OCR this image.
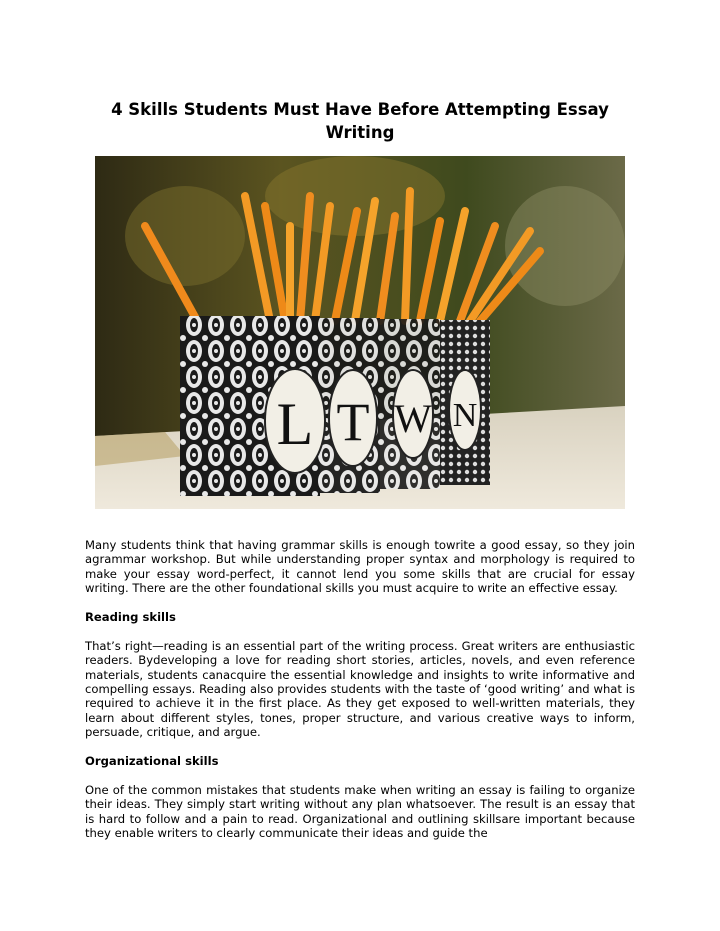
4 Skills Students Must Have Before Attempting Essay Writing
L T W N

Many students think that having grammar skills is enough towrite a good essay, so they join agrammar workshop. But while understanding proper syntax and morphology is required to make your essay word-perfect, it cannot lend you some skills that are crucial for essay writing. There are the other foundational skills you must acquire to write an effective essay.

Reading skills

That’s right—reading is an essential part of the writing process. Great writers are enthusiastic readers. Bydeveloping a love for reading short stories, articles, novels, and even reference materials, students canacquire the essential knowledge and insights to write informative and compelling essays. Reading also provides students with the taste of ‘good writing’ and what is required to achieve it in the first place. As they get exposed to well-written materials, they learn about different styles, tones, proper structure, and various creative ways to inform, persuade, critique, and argue.

Organizational skills

One of the common mistakes that students make when writing an essay is failing to organize their ideas. They simply start writing without any plan whatsoever. The result is an essay that is hard to follow and a pain to read. Organizational and outlining skillsare important because they enable writers to clearly communicate their ideas and guide the
